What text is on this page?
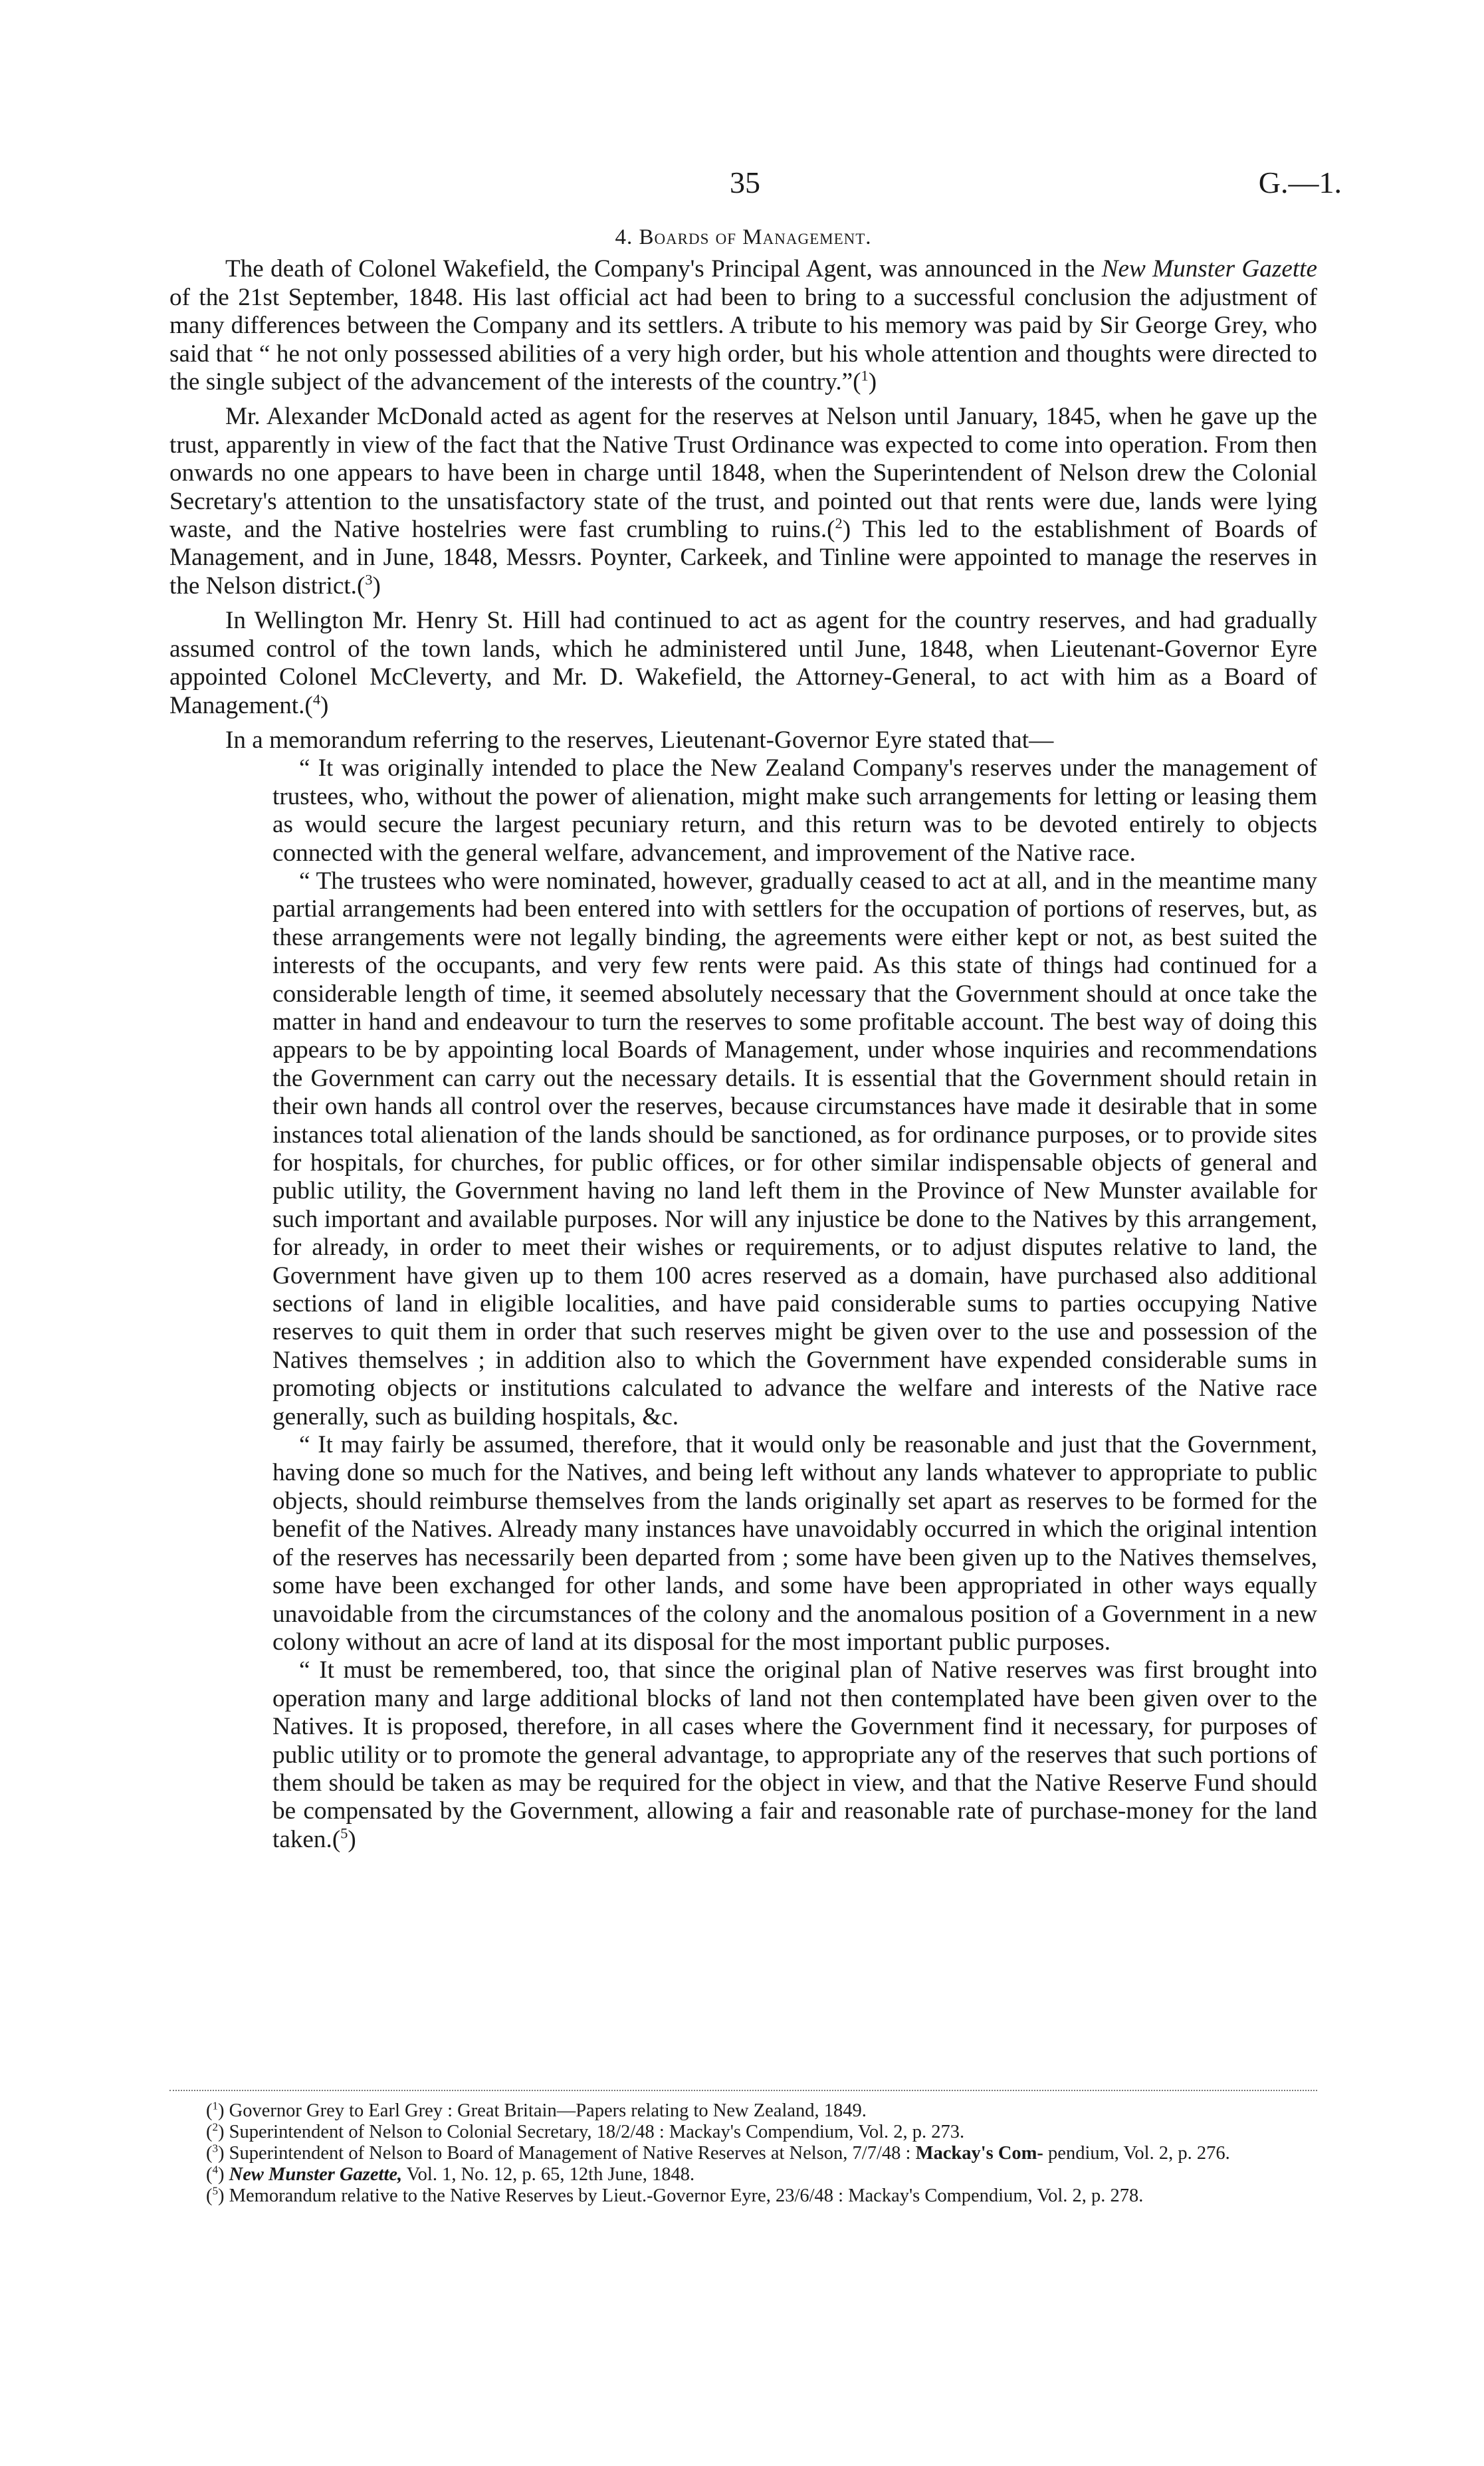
35	G.—1.

4. Boards of Management.

The death of Colonel Wakefield, the Company's Principal Agent, was announced in the New Munster Gazette of the 21st September, 1848. His last official act had been to bring to a successful conclusion the adjustment of many differences between the Company and its settlers. A tribute to his memory was paid by Sir George Grey, who said that “ he not only possessed abilities of a very high order, but his whole attention and thoughts were directed to the single subject of the advancement of the interests of the country.”($^1$)

Mr. Alexander McDonald acted as agent for the reserves at Nelson until January, 1845, when he gave up the trust, apparently in view of the fact that the Native Trust Ordinance was expected to come into operation. From then onwards no one appears to have been in charge until 1848, when the Superintendent of Nelson drew the Colonial Secretary's attention to the unsatisfactory state of the trust, and pointed out that rents were due, lands were lying waste, and the Native hostelries were fast crumbling to ruins.($^2$) This led to the establishment of Boards of Management, and in June, 1848, Messrs. Poynter, Carkeek, and Tinline were appointed to manage the reserves in the Nelson district.($^3$)

In Wellington Mr. Henry St. Hill had continued to act as agent for the country reserves, and had gradually assumed control of the town lands, which he administered until June, 1848, when Lieutenant-Governor Eyre appointed Colonel McCleverty, and Mr. D. Wakefield, the Attorney-General, to act with him as a Board of Management.($^4$)

In a memorandum referring to the reserves, Lieutenant-Governor Eyre stated that—

“ It was originally intended to place the New Zealand Company's reserves under the management of trustees, who, without the power of alienation, might make such arrangements for letting or leasing them as would secure the largest pecuniary return, and this return was to be devoted entirely to objects connected with the general welfare, advancement, and improvement of the Native race.

“ The trustees who were nominated, however, gradually ceased to act at all, and in the meantime many partial arrangements had been entered into with settlers for the occupation of portions of reserves, but, as these arrangements were not legally binding, the agreements were either kept or not, as best suited the interests of the occupants, and very few rents were paid. As this state of things had continued for a considerable length of time, it seemed absolutely necessary that the Government should at once take the matter in hand and endeavour to turn the reserves to some profitable account. The best way of doing this appears to be by appointing local Boards of Management, under whose inquiries and recommendations the Government can carry out the necessary details. It is essential that the Government should retain in their own hands all control over the reserves, because circumstances have made it desirable that in some instances total alienation of the lands should be sanctioned, as for ordinance purposes, or to provide sites for hospitals, for churches, for public offices, or for other similar indispensable objects of general and public utility, the Government having no land left them in the Province of New Munster available for such important and available purposes. Nor will any injustice be done to the Natives by this arrangement, for already, in order to meet their wishes or requirements, or to adjust disputes relative to land, the Government have given up to them 100 acres reserved as a domain, have purchased also additional sections of land in eligible localities, and have paid considerable sums to parties occupying Native reserves to quit them in order that such reserves might be given over to the use and possession of the Natives themselves ; in addition also to which the Government have expended considerable sums in promoting objects or institutions calculated to advance the welfare and interests of the Native race generally, such as building hospitals, &c.

“ It may fairly be assumed, therefore, that it would only be reasonable and just that the Government, having done so much for the Natives, and being left without any lands whatever to appropriate to public objects, should reimburse themselves from the lands originally set apart as reserves to be formed for the benefit of the Natives. Already many instances have unavoidably occurred in which the original intention of the reserves has necessarily been departed from ; some have been given up to the Natives themselves, some have been exchanged for other lands, and some have been appropriated in other ways equally unavoidable from the circumstances of the colony and the anomalous position of a Government in a new colony without an acre of land at its disposal for the most important public purposes.

“ It must be remembered, too, that since the original plan of Native reserves was first brought into operation many and large additional blocks of land not then contemplated have been given over to the Natives. It is proposed, therefore, in all cases where the Government find it necessary, for purposes of public utility or to promote the general advantage, to appropriate any of the reserves that such portions of them should be taken as may be required for the object in view, and that the Native Reserve Fund should be compensated by the Government, allowing a fair and reasonable rate of purchase-money for the land taken.($^5$)

($^1$) Governor Grey to Earl Grey : Great Britain—Papers relating to New Zealand, 1849.

($^2$) Superintendent of Nelson to Colonial Secretary, 18/2/48 : Mackay's Compendium, Vol. 2, p. 273.

($^3$) Superintendent of Nelson to Board of Management of Native Reserves at Nelson, 7/7/48 : Mackay's Com- pendium, Vol. 2, p. 276.

($^4$) New Munster Gazette, Vol. 1, No. 12, p. 65, 12th June, 1848.

($^5$) Memorandum relative to the Native Reserves by Lieut.-Governor Eyre, 23/6/48 : Mackay's Compendium, Vol. 2, p. 278.
